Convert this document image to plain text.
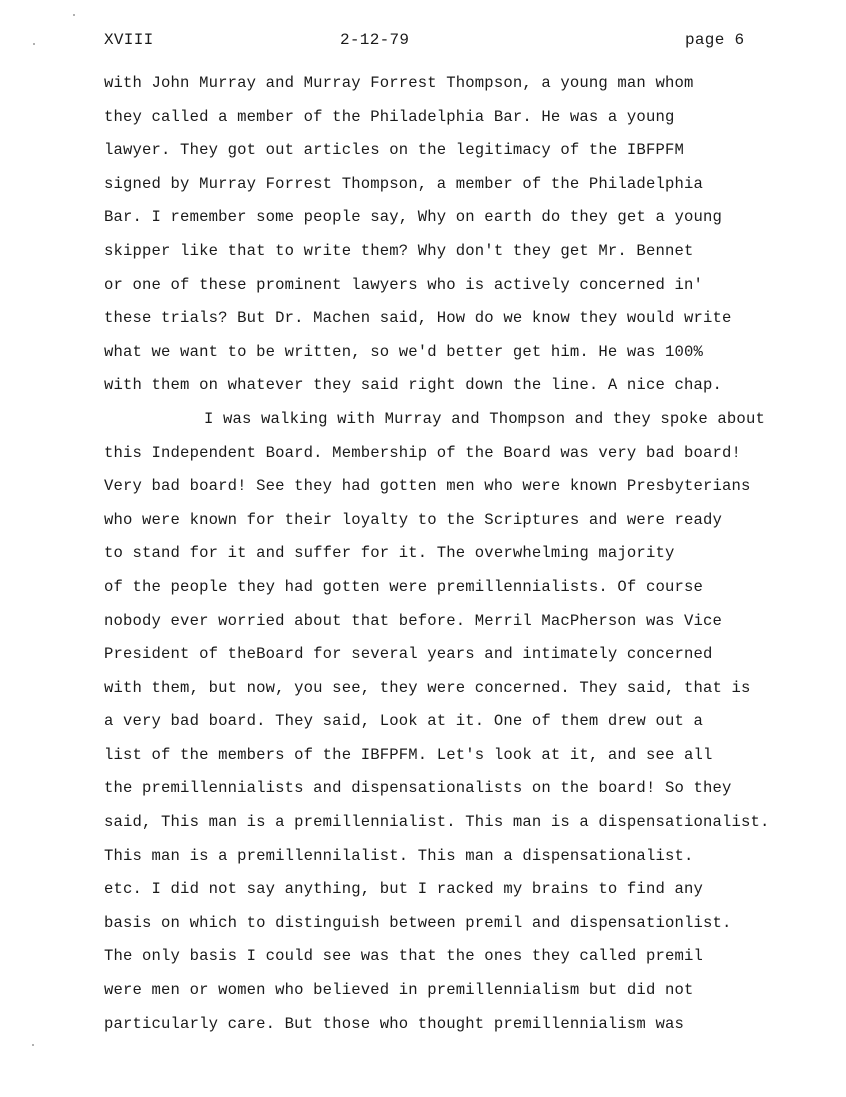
XVIII	2-12-79	page 6
with John Murray and Murray Forrest Thompson, a young man whom
they called a member of the Philadelphia Bar. He was a young
lawyer. They got out articles on the legitimacy of the IBFPFM
signed by Murray Forrest Thompson, a member of the Philadelphia
Bar. I remember some people say, Why on earth do they get a young
skipper like that to write them? Why don't they get Mr. Bennet
or one of these prominent lawyers who is actively concerned in'
these trials? But Dr. Machen said, How do we know they would write
what we want to be written, so we'd better get him. He was 100%
with them on whatever they said right down the line. A nice chap.
I was walking with Murray and Thompson and they spoke about
this Independent Board. Membership of the Board was very bad board!
Very bad board! See they had gotten men who were known Presbyterians
who were known for their loyalty to the Scriptures and were ready
to stand for it and suffer for it. The overwhelming majority
of the people they had gotten were premillennialists. Of course
nobody ever worried about that before. Merril MacPherson was Vice
President of theBoard for several years and intimately concerned
with them, but now, you see, they were concerned. They said, that is
a very bad board. They said, Look at it. One of them drew out a
list of the members of the IBFPFM. Let's look at it, and see all
the premillennialists and dispensationalists on the board! So they
said, This man is a premillennialist. This man is a dispensationalist.
This man is a premillennilalist. This man a dispensationalist.
etc. I did not say anything, but I racked my brains to find any
basis on which to distinguish between premil and dispensationlist.
The only basis I could see was that the ones they called premil
were men or women who believed in premillennialism but did not
particularly care. But those who thought premillennialism was
